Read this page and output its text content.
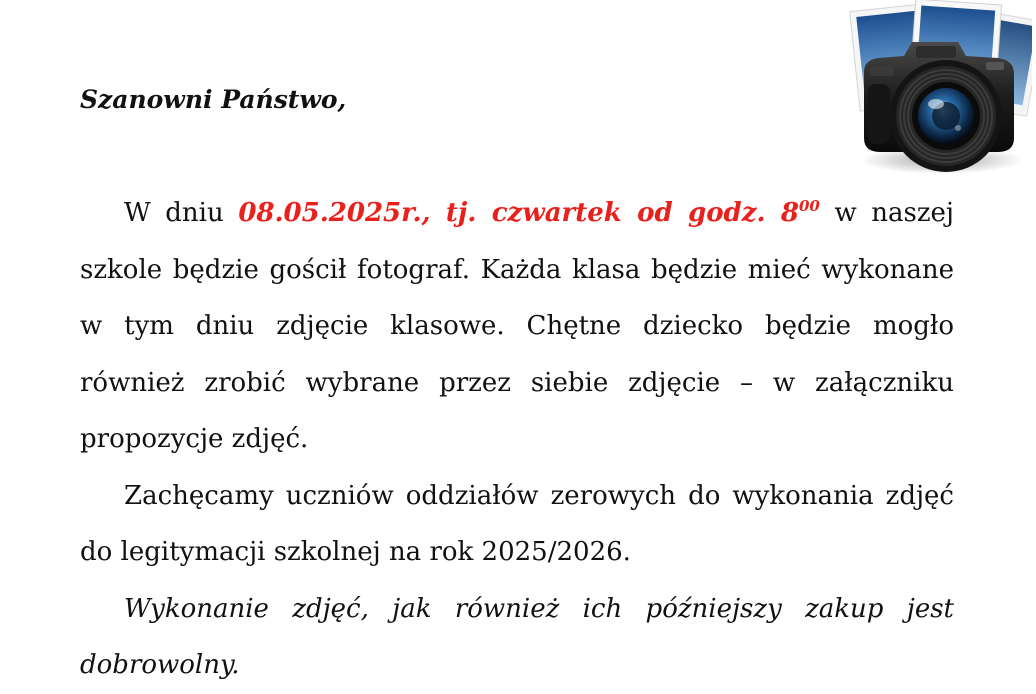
Szanowni Państwo,

W dniu 08.05.2025r., tj. czwartek od godz. $8^{00}$ w naszej szkole będzie gościł fotograf. Każda klasa będzie mieć wykonane w tym dniu zdjęcie klasowe. Chętne dziecko będzie mogło również zrobić wybrane przez siebie zdjęcie – w załączniku propozycje zdjęć.

Zachęcamy uczniów oddziałów zerowych do wykonania zdjęć do legitymacji szkolnej na rok 2025/2026.

Wykonanie zdjęć, jak również ich późniejszy zakup jest dobrowolny.
